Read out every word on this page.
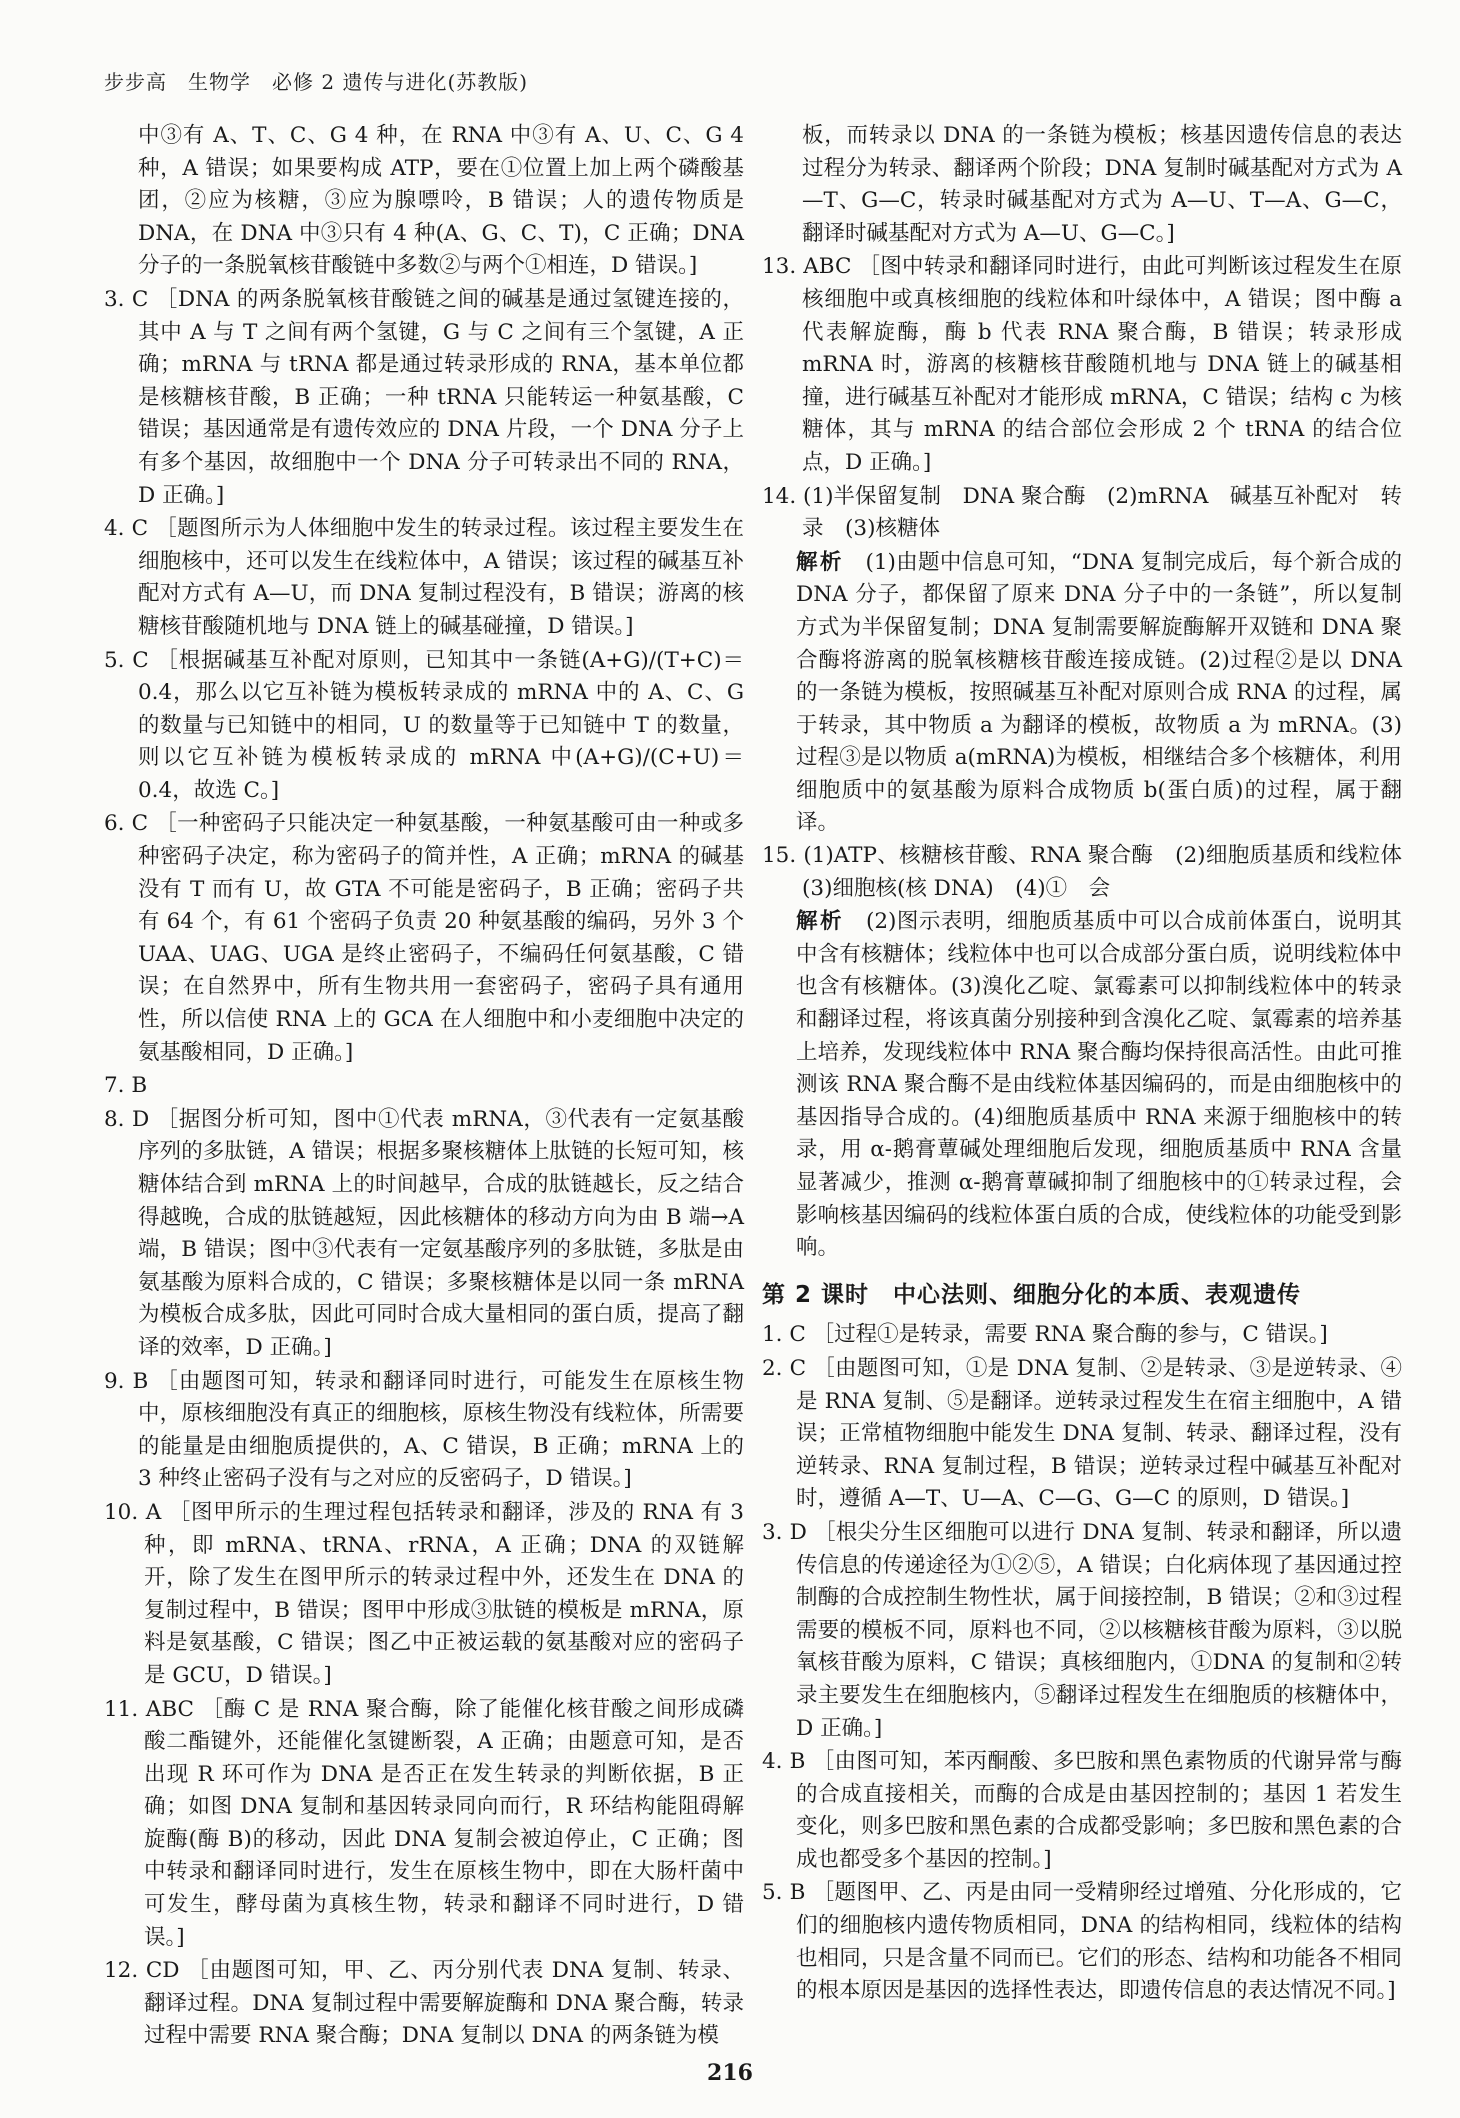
步步高　生物学　必修 2 遗传与进化(苏教版)
中③有 A、T、C、G 4 种，在 RNA 中③有 A、U、C、G 4 种，A 错误；如果要构成 ATP，要在①位置上加上两个磷酸基团，②应为核糖，③应为腺嘌呤，B 错误；人的遗传物质是 DNA，在 DNA 中③只有 4 种(A、G、C、T)，C 正确；DNA 分子的一条脱氧核苷酸链中多数②与两个①相连，D 错误。]
3. C ［DNA 的两条脱氧核苷酸链之间的碱基是通过氢键连接的，其中 A 与 T 之间有两个氢键，G 与 C 之间有三个氢键，A 正确；mRNA 与 tRNA 都是通过转录形成的 RNA，基本单位都是核糖核苷酸，B 正确；一种 tRNA 只能转运一种氨基酸，C 错误；基因通常是有遗传效应的 DNA 片段，一个 DNA 分子上有多个基因，故细胞中一个 DNA 分子可转录出不同的 RNA，D 正确。]
4. C ［题图所示为人体细胞中发生的转录过程。该过程主要发生在细胞核中，还可以发生在线粒体中，A 错误；该过程的碱基互补配对方式有 A—U，而 DNA 复制过程没有，B 错误；游离的核糖核苷酸随机地与 DNA 链上的碱基碰撞，D 错误。]
5. C ［根据碱基互补配对原则，已知其中一条链(A+G)/(T+C)＝0.4，那么以它互补链为模板转录成的 mRNA 中的 A、C、G 的数量与已知链中的相同，U 的数量等于已知链中 T 的数量，则以它互补链为模板转录成的 mRNA 中(A+G)/(C+U)＝0.4，故选 C。]
6. C ［一种密码子只能决定一种氨基酸，一种氨基酸可由一种或多种密码子决定，称为密码子的简并性，A 正确；mRNA 的碱基没有 T 而有 U，故 GTA 不可能是密码子，B 正确；密码子共有 64 个，有 61 个密码子负责 20 种氨基酸的编码，另外 3 个 UAA、UAG、UGA 是终止密码子，不编码任何氨基酸，C 错误；在自然界中，所有生物共用一套密码子，密码子具有通用性，所以信使 RNA 上的 GCA 在人细胞中和小麦细胞中决定的氨基酸相同，D 正确。]
7. B
8. D ［据图分析可知，图中①代表 mRNA，③代表有一定氨基酸序列的多肽链，A 错误；根据多聚核糖体上肽链的长短可知，核糖体结合到 mRNA 上的时间越早，合成的肽链越长，反之结合得越晚，合成的肽链越短，因此核糖体的移动方向为由 B 端→A 端，B 错误；图中③代表有一定氨基酸序列的多肽链，多肽是由氨基酸为原料合成的，C 错误；多聚核糖体是以同一条 mRNA 为模板合成多肽，因此可同时合成大量相同的蛋白质，提高了翻译的效率，D 正确。]
9. B ［由题图可知，转录和翻译同时进行，可能发生在原核生物中，原核细胞没有真正的细胞核，原核生物没有线粒体，所需要的能量是由细胞质提供的，A、C 错误，B 正确；mRNA 上的 3 种终止密码子没有与之对应的反密码子，D 错误。]
10. A ［图甲所示的生理过程包括转录和翻译，涉及的 RNA 有 3 种，即 mRNA、tRNA、rRNA，A 正确；DNA 的双链解开，除了发生在图甲所示的转录过程中外，还发生在 DNA 的复制过程中，B 错误；图甲中形成③肽链的模板是 mRNA，原料是氨基酸，C 错误；图乙中正被运载的氨基酸对应的密码子是 GCU，D 错误。]
11. ABC ［酶 C 是 RNA 聚合酶，除了能催化核苷酸之间形成磷酸二酯键外，还能催化氢键断裂，A 正确；由题意可知，是否出现 R 环可作为 DNA 是否正在发生转录的判断依据，B 正确；如图 DNA 复制和基因转录同向而行，R 环结构能阻碍解旋酶(酶 B)的移动，因此 DNA 复制会被迫停止，C 正确；图中转录和翻译同时进行，发生在原核生物中，即在大肠杆菌中可发生，酵母菌为真核生物，转录和翻译不同时进行，D 错误。]
12. CD ［由题图可知，甲、乙、丙分别代表 DNA 复制、转录、翻译过程。DNA 复制过程中需要解旋酶和 DNA 聚合酶，转录过程中需要 RNA 聚合酶；DNA 复制以 DNA 的两条链为模
板，而转录以 DNA 的一条链为模板；核基因遗传信息的表达过程分为转录、翻译两个阶段；DNA 复制时碱基配对方式为 A—T、G—C，转录时碱基配对方式为 A—U、T—A、G—C，翻译时碱基配对方式为 A—U、G—C。]
13. ABC ［图中转录和翻译同时进行，由此可判断该过程发生在原核细胞中或真核细胞的线粒体和叶绿体中，A 错误；图中酶 a 代表解旋酶，酶 b 代表 RNA 聚合酶，B 错误；转录形成 mRNA 时，游离的核糖核苷酸随机地与 DNA 链上的碱基相撞，进行碱基互补配对才能形成 mRNA，C 错误；结构 c 为核糖体，其与 mRNA 的结合部位会形成 2 个 tRNA 的结合位点，D 正确。]
14. (1)半保留复制　DNA 聚合酶　(2)mRNA　碱基互补配对　转录　(3)核糖体
解析　 (1)由题中信息可知，“DNA 复制完成后，每个新合成的 DNA 分子，都保留了原来 DNA 分子中的一条链”，所以复制方式为半保留复制；DNA 复制需要解旋酶解开双链和 DNA 聚合酶将游离的脱氧核糖核苷酸连接成链。(2)过程②是以 DNA 的一条链为模板，按照碱基互补配对原则合成 RNA 的过程，属于转录，其中物质 a 为翻译的模板，故物质 a 为 mRNA。(3)过程③是以物质 a(mRNA)为模板，相继结合多个核糖体，利用细胞质中的氨基酸为原料合成物质 b(蛋白质)的过程，属于翻译。
15. (1)ATP、核糖核苷酸、RNA 聚合酶　(2)细胞质基质和线粒体　(3)细胞核(核 DNA)　(4)①　会
解析　 (2)图示表明，细胞质基质中可以合成前体蛋白，说明其中含有核糖体；线粒体中也可以合成部分蛋白质，说明线粒体中也含有核糖体。(3)溴化乙啶、氯霉素可以抑制线粒体中的转录和翻译过程，将该真菌分别接种到含溴化乙啶、氯霉素的培养基上培养，发现线粒体中 RNA 聚合酶均保持很高活性。由此可推测该 RNA 聚合酶不是由线粒体基因编码的，而是由细胞核中的基因指导合成的。(4)细胞质基质中 RNA 来源于细胞核中的转录，用 α-鹅膏蕈碱处理细胞后发现，细胞质基质中 RNA 含量显著减少，推测 α-鹅膏蕈碱抑制了细胞核中的①转录过程，会影响核基因编码的线粒体蛋白质的合成，使线粒体的功能受到影响。
第 2 课时　中心法则、细胞分化的本质、表观遗传
1. C ［过程①是转录，需要 RNA 聚合酶的参与，C 错误。]
2. C ［由题图可知，①是 DNA 复制、②是转录、③是逆转录、④是 RNA 复制、⑤是翻译。逆转录过程发生在宿主细胞中，A 错误；正常植物细胞中能发生 DNA 复制、转录、翻译过程，没有逆转录、RNA 复制过程，B 错误；逆转录过程中碱基互补配对时，遵循 A—T、U—A、C—G、G—C 的原则，D 错误。]
3. D ［根尖分生区细胞可以进行 DNA 复制、转录和翻译，所以遗传信息的传递途径为①②⑤，A 错误；白化病体现了基因通过控制酶的合成控制生物性状，属于间接控制，B 错误；②和③过程需要的模板不同，原料也不同，②以核糖核苷酸为原料，③以脱氧核苷酸为原料，C 错误；真核细胞内，①DNA 的复制和②转录主要发生在细胞核内，⑤翻译过程发生在细胞质的核糖体中，D 正确。]
4. B ［由图可知，苯丙酮酸、多巴胺和黑色素物质的代谢异常与酶的合成直接相关，而酶的合成是由基因控制的；基因 1 若发生变化，则多巴胺和黑色素的合成都受影响；多巴胺和黑色素的合成也都受多个基因的控制。]
5. B ［题图甲、乙、丙是由同一受精卵经过增殖、分化形成的，它们的细胞核内遗传物质相同，DNA 的结构相同，线粒体的结构也相同，只是含量不同而已。它们的形态、结构和功能各不相同的根本原因是基因的选择性表达，即遗传信息的表达情况不同。]
216
